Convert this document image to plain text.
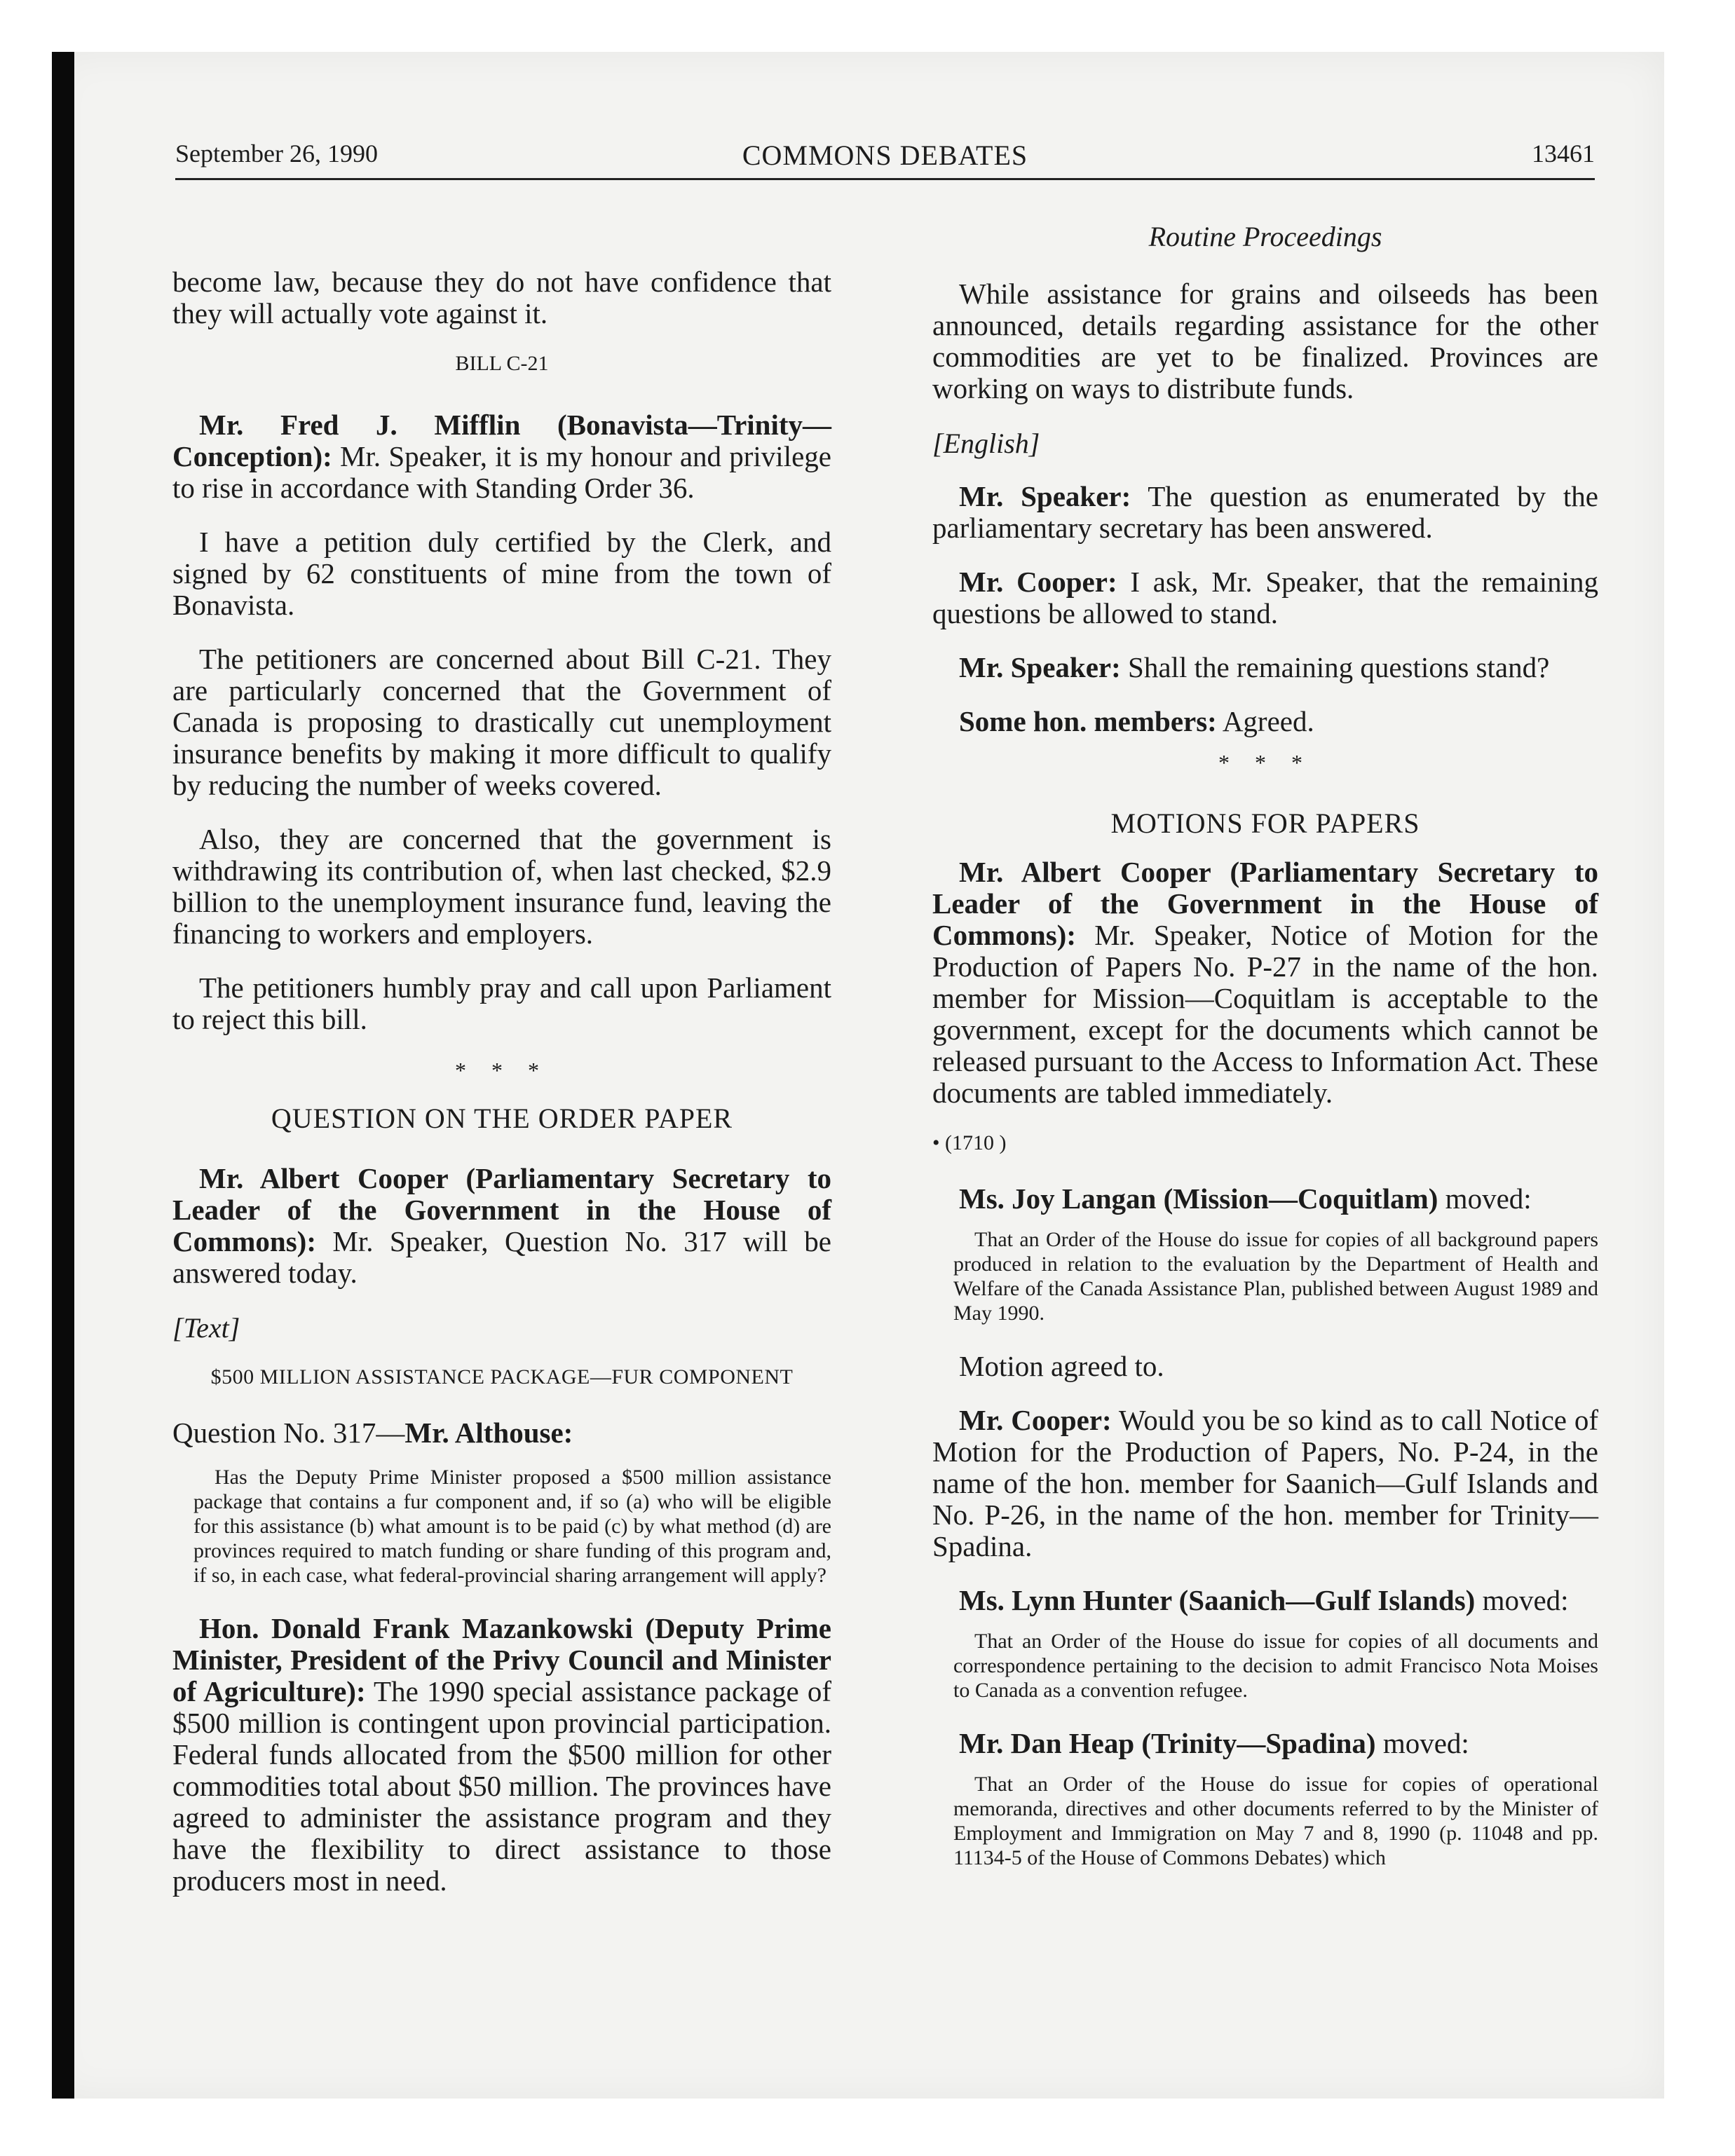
September 26, 1990	COMMONS DEBATES	13461

become law, because they do not have confidence that they will actually vote against it.

BILL C-21

Mr. Fred J. Mifflin (Bonavista—Trinity—Conception): Mr. Speaker, it is my honour and privilege to rise in accordance with Standing Order 36.

I have a petition duly certified by the Clerk, and signed by 62 constituents of mine from the town of Bonavista.

The petitioners are concerned about Bill C-21. They are particularly concerned that the Government of Canada is proposing to drastically cut unemployment insurance benefits by making it more difficult to qualify by reducing the number of weeks covered.

Also, they are concerned that the government is withdrawing its contribution of, when last checked, $2.9 billion to the unemployment insurance fund, leaving the financing to workers and employers.

The petitioners humbly pray and call upon Parliament to reject this bill.

* * *
QUESTION ON THE ORDER PAPER

Mr. Albert Cooper (Parliamentary Secretary to Leader of the Government in the House of Commons): Mr. Speaker, Question No. 317 will be answered today.

[Text]
$500 MILLION ASSISTANCE PACKAGE—FUR COMPONENT

Question No. 317—Mr. Althouse:

Has the Deputy Prime Minister proposed a $500 million assistance package that contains a fur component and, if so (a) who will be eligible for this assistance (b) what amount is to be paid (c) by what method (d) are provinces required to match funding or share funding of this program and, if so, in each case, what federal-provincial sharing arrangement will apply?

Hon. Donald Frank Mazankowski (Deputy Prime Minister, President of the Privy Council and Minister of Agriculture): The 1990 special assistance package of $500 million is contingent upon provincial participation. Federal funds allocated from the $500 million for other commodities total about $50 million. The provinces have agreed to administer the assistance program and they have the flexibility to direct assistance to those producers most in need.

Routine Proceedings

While assistance for grains and oilseeds has been announced, details regarding assistance for the other commodities are yet to be finalized. Provinces are working on ways to distribute funds.

[English]

Mr. Speaker: The question as enumerated by the parliamentary secretary has been answered.

Mr. Cooper: I ask, Mr. Speaker, that the remaining questions be allowed to stand.

Mr. Speaker: Shall the remaining questions stand?

Some hon. members: Agreed.

* * *
MOTIONS FOR PAPERS

Mr. Albert Cooper (Parliamentary Secretary to Leader of the Government in the House of Commons): Mr. Speaker, Notice of Motion for the Production of Papers No. P-27 in the name of the hon. member for Mission—Coquitlam is acceptable to the government, except for the documents which cannot be released pursuant to the Access to Information Act. These documents are tabled immediately.

• (1710 )

Ms. Joy Langan (Mission—Coquitlam) moved:

That an Order of the House do issue for copies of all background papers produced in relation to the evaluation by the Department of Health and Welfare of the Canada Assistance Plan, published between August 1989 and May 1990.

Motion agreed to.

Mr. Cooper: Would you be so kind as to call Notice of Motion for the Production of Papers, No. P-24, in the name of the hon. member for Saanich—Gulf Islands and No. P-26, in the name of the hon. member for Trinity—Spadina.

Ms. Lynn Hunter (Saanich—Gulf Islands) moved:

That an Order of the House do issue for copies of all documents and correspondence pertaining to the decision to admit Francisco Nota Moises to Canada as a convention refugee.

Mr. Dan Heap (Trinity—Spadina) moved:

That an Order of the House do issue for copies of operational memoranda, directives and other documents referred to by the Minister of Employment and Immigration on May 7 and 8, 1990 (p. 11048 and pp. 11134-5 of the House of Commons Debates) which
